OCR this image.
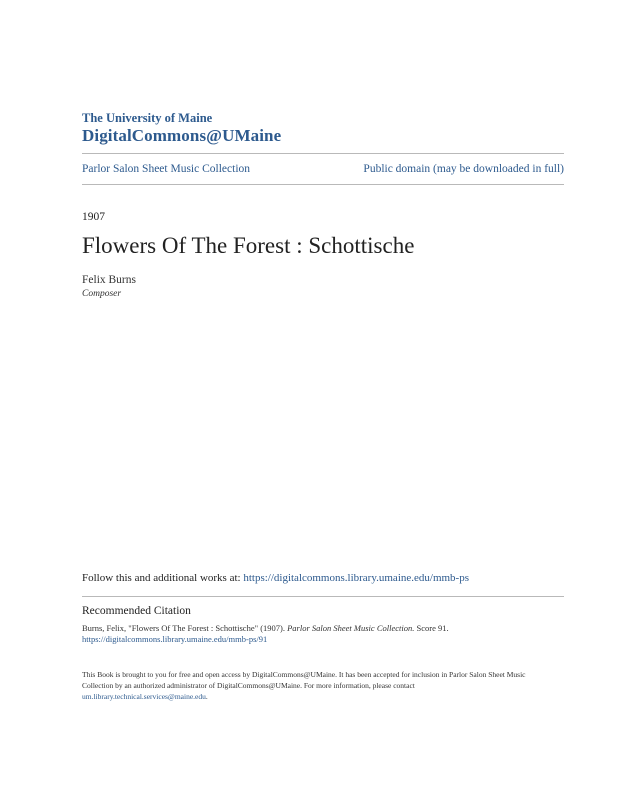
The University of Maine
DigitalCommons@UMaine
Parlor Salon Sheet Music Collection	Public domain (may be downloaded in full)
1907
Flowers Of The Forest : Schottische
Felix Burns
Composer
Follow this and additional works at: https://digitalcommons.library.umaine.edu/mmb-ps
Recommended Citation
Burns, Felix, "Flowers Of The Forest : Schottische" (1907). Parlor Salon Sheet Music Collection. Score 91.
https://digitalcommons.library.umaine.edu/mmb-ps/91
This Book is brought to you for free and open access by DigitalCommons@UMaine. It has been accepted for inclusion in Parlor Salon Sheet Music Collection by an authorized administrator of DigitalCommons@UMaine. For more information, please contact
um.library.technical.services@maine.edu.
